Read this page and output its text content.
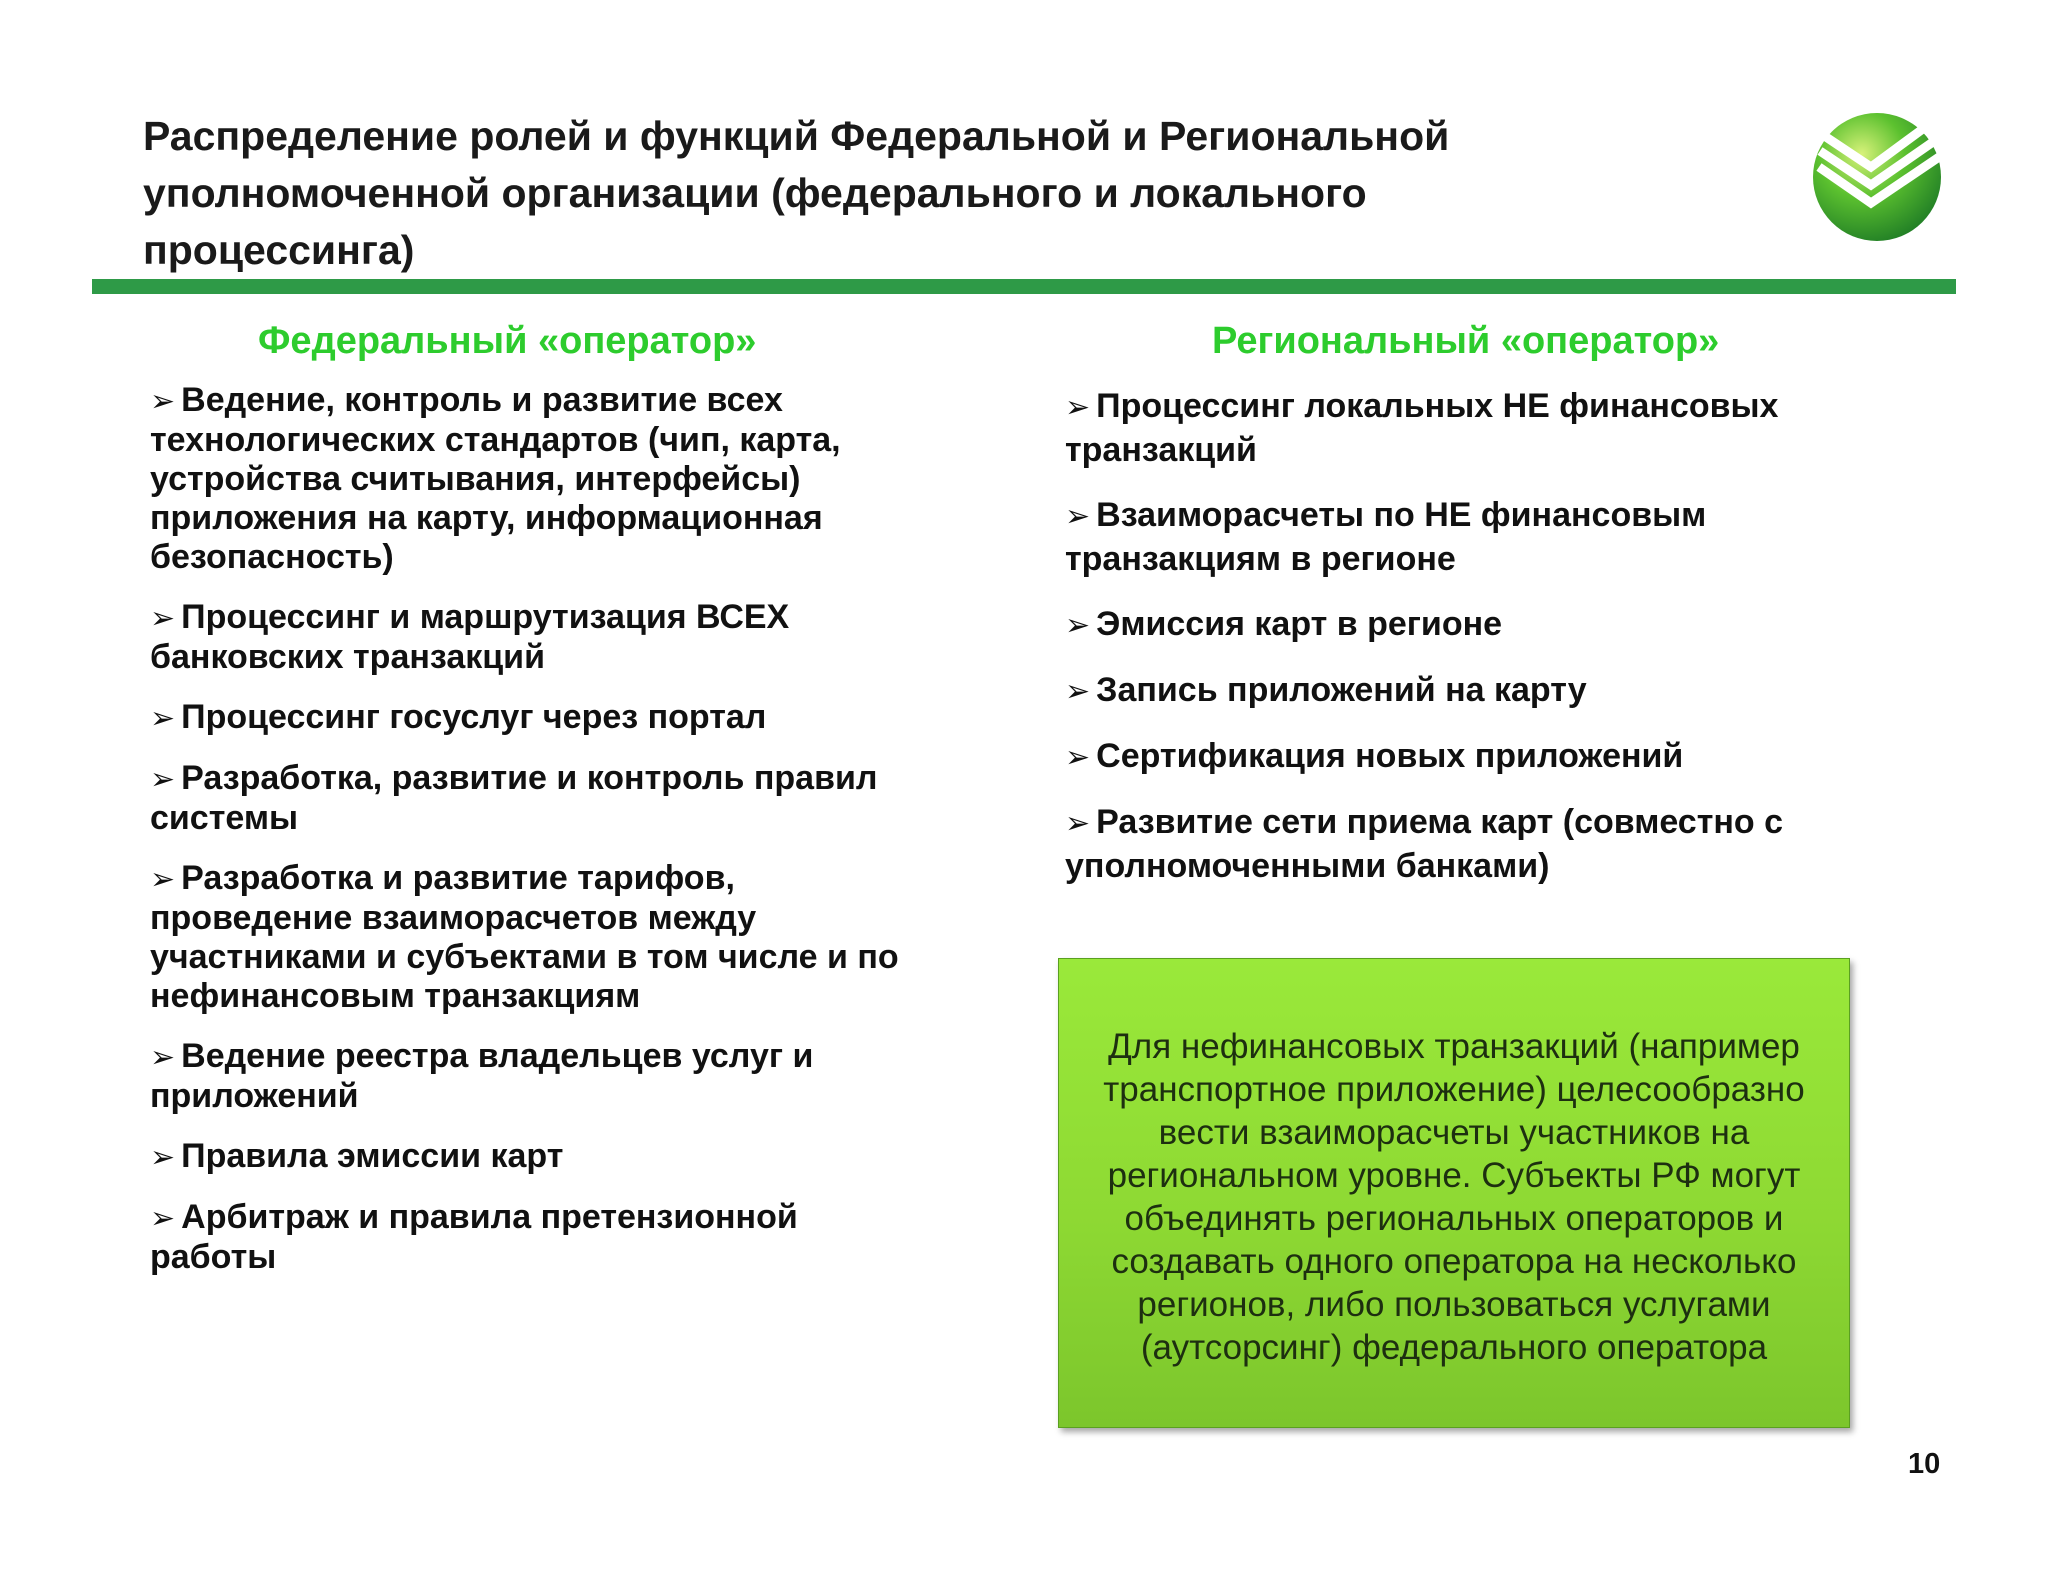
Распределение ролей и функций Федеральной и Региональной
уполномоченной организации (федерального и локального
процессинга)
Федеральный «оператор»	Региональный «оператор»
➢ Ведение, контроль и развитие всех
технологических стандартов (чип, карта,
устройства считывания, интерфейсы)
приложения на карту, информационная
безопасность)
➢ Процессинг и маршрутизация ВСЕХ
банковских транзакций
➢ Процессинг госуслуг через портал
➢ Разработка, развитие и контроль правил
системы
➢ Разработка и развитие тарифов,
проведение взаиморасчетов между
участниками и субъектами в том числе и по
нефинансовым транзакциям
➢ Ведение реестра владельцев услуг и
приложений
➢ Правила эмиссии карт
➢ Арбитраж и правила претензионной
работы
➢ Процессинг локальных НЕ финансовых
транзакций
➢ Взаиморасчеты по НЕ финансовым
транзакциям в регионе
➢ Эмиссия карт в регионе
➢ Запись приложений на карту
➢ Сертификация новых приложений
➢ Развитие сети приема карт (совместно с
уполномоченными банками)
Для нефинансовых транзакций (например
транспортное приложение) целесообразно
вести взаиморасчеты участников на
региональном уровне. Субъекты РФ могут
объединять региональных операторов и
создавать одного оператора на несколько
регионов, либо пользоваться услугами
(аутсорсинг) федерального оператора
10
